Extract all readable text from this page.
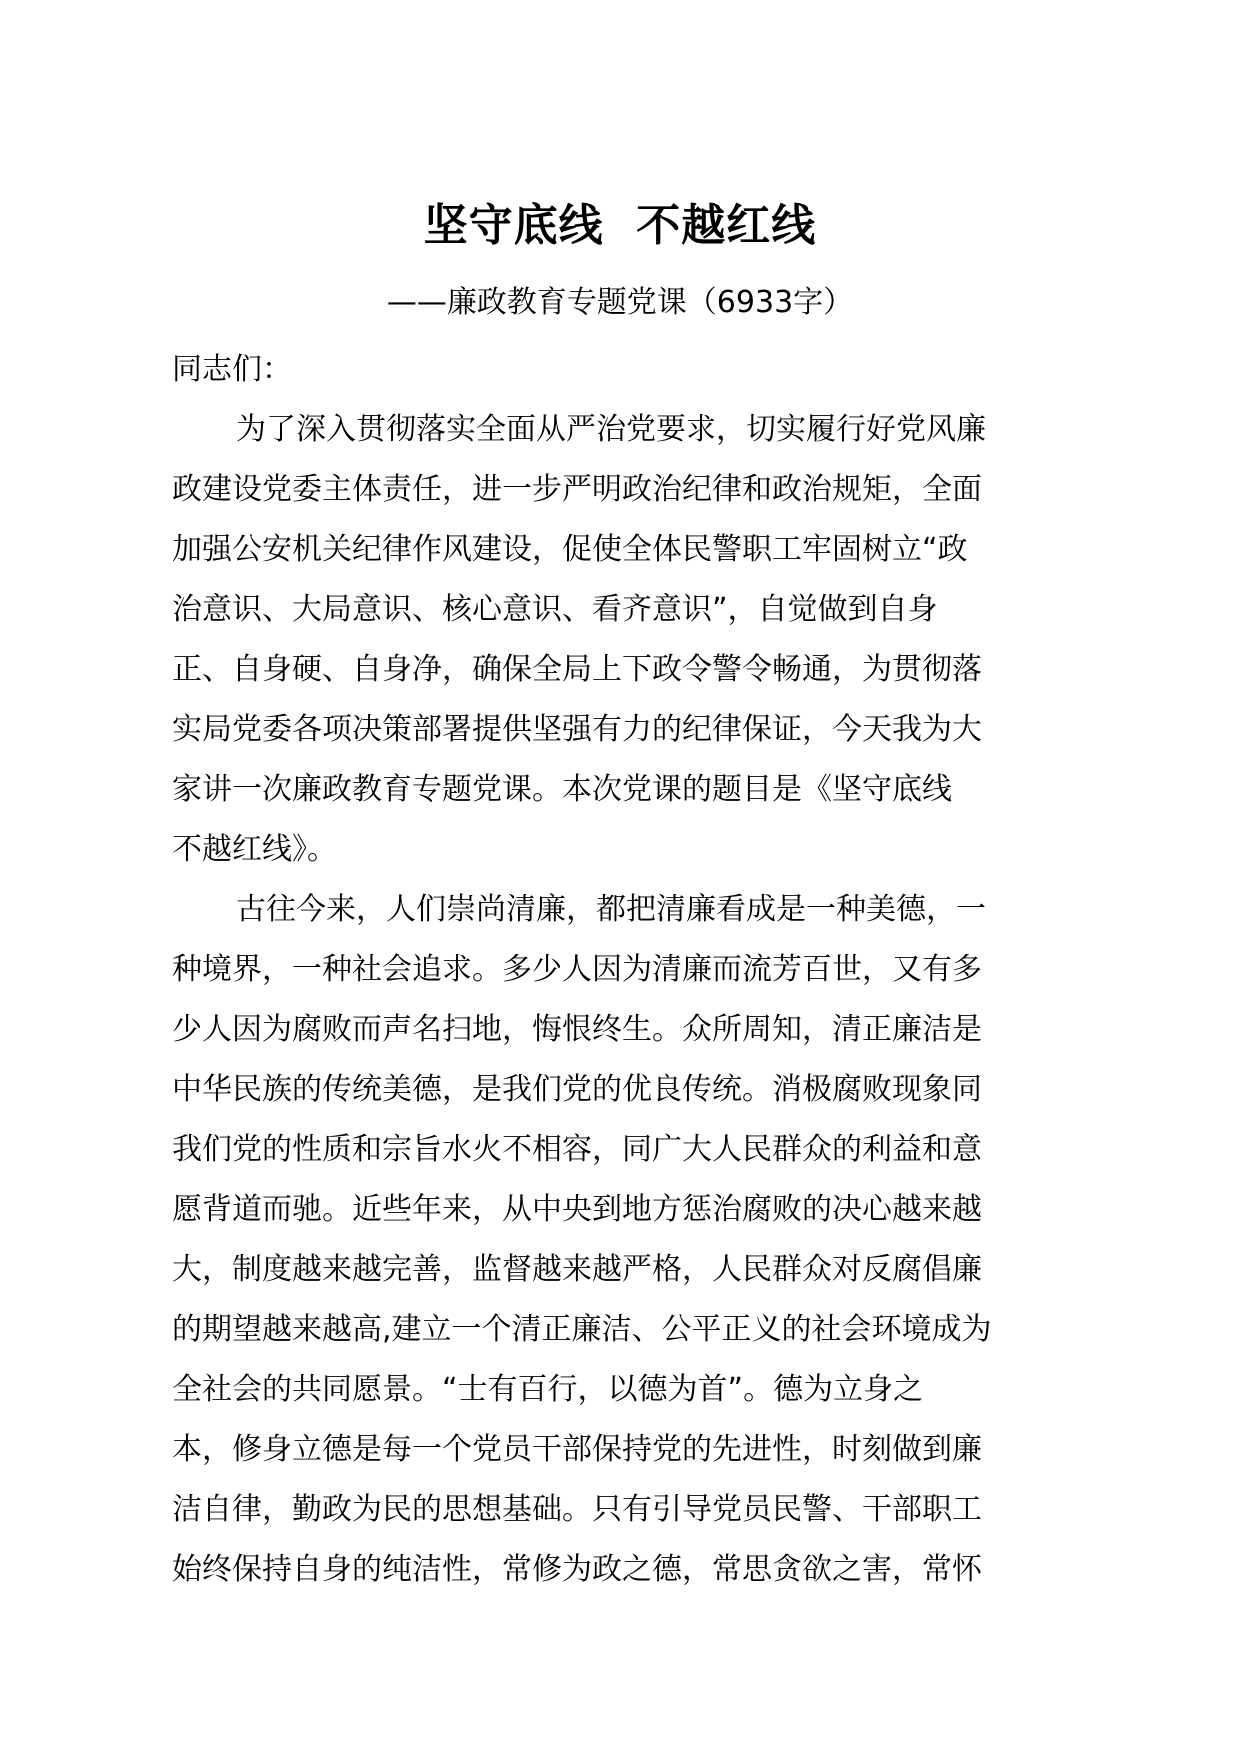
坚守底线  不越红线
——廉政教育专题党课（6933字）
同志们：
为了深入贯彻落实全面从严治党要求，切实履行好党风廉
政建设党委主体责任，进一步严明政治纪律和政治规矩，全面
加强公安机关纪律作风建设，促使全体民警职工牢固树立“政
治意识、大局意识、核心意识、看齐意识”，自觉做到自身
正、自身硬、自身净，确保全局上下政令警令畅通，为贯彻落
实局党委各项决策部署提供坚强有力的纪律保证，今天我为大
家讲一次廉政教育专题党课。本次党课的题目是《坚守底线
不越红线》。
古往今来，人们崇尚清廉，都把清廉看成是一种美德，一
种境界，一种社会追求。多少人因为清廉而流芳百世，又有多
少人因为腐败而声名扫地，悔恨终生。众所周知，清正廉洁是
中华民族的传统美德，是我们党的优良传统。消极腐败现象同
我们党的性质和宗旨水火不相容，同广大人民群众的利益和意
愿背道而驰。近些年来，从中央到地方惩治腐败的决心越来越
大，制度越来越完善，监督越来越严格，人民群众对反腐倡廉
的期望越来越高,建立一个清正廉洁、公平正义的社会环境成为
全社会的共同愿景。“士有百行，以德为首”。德为立身之
本，修身立德是每一个党员干部保持党的先进性，时刻做到廉
洁自律，勤政为民的思想基础。只有引导党员民警、干部职工
始终保持自身的纯洁性，常修为政之德，常思贪欲之害，常怀
